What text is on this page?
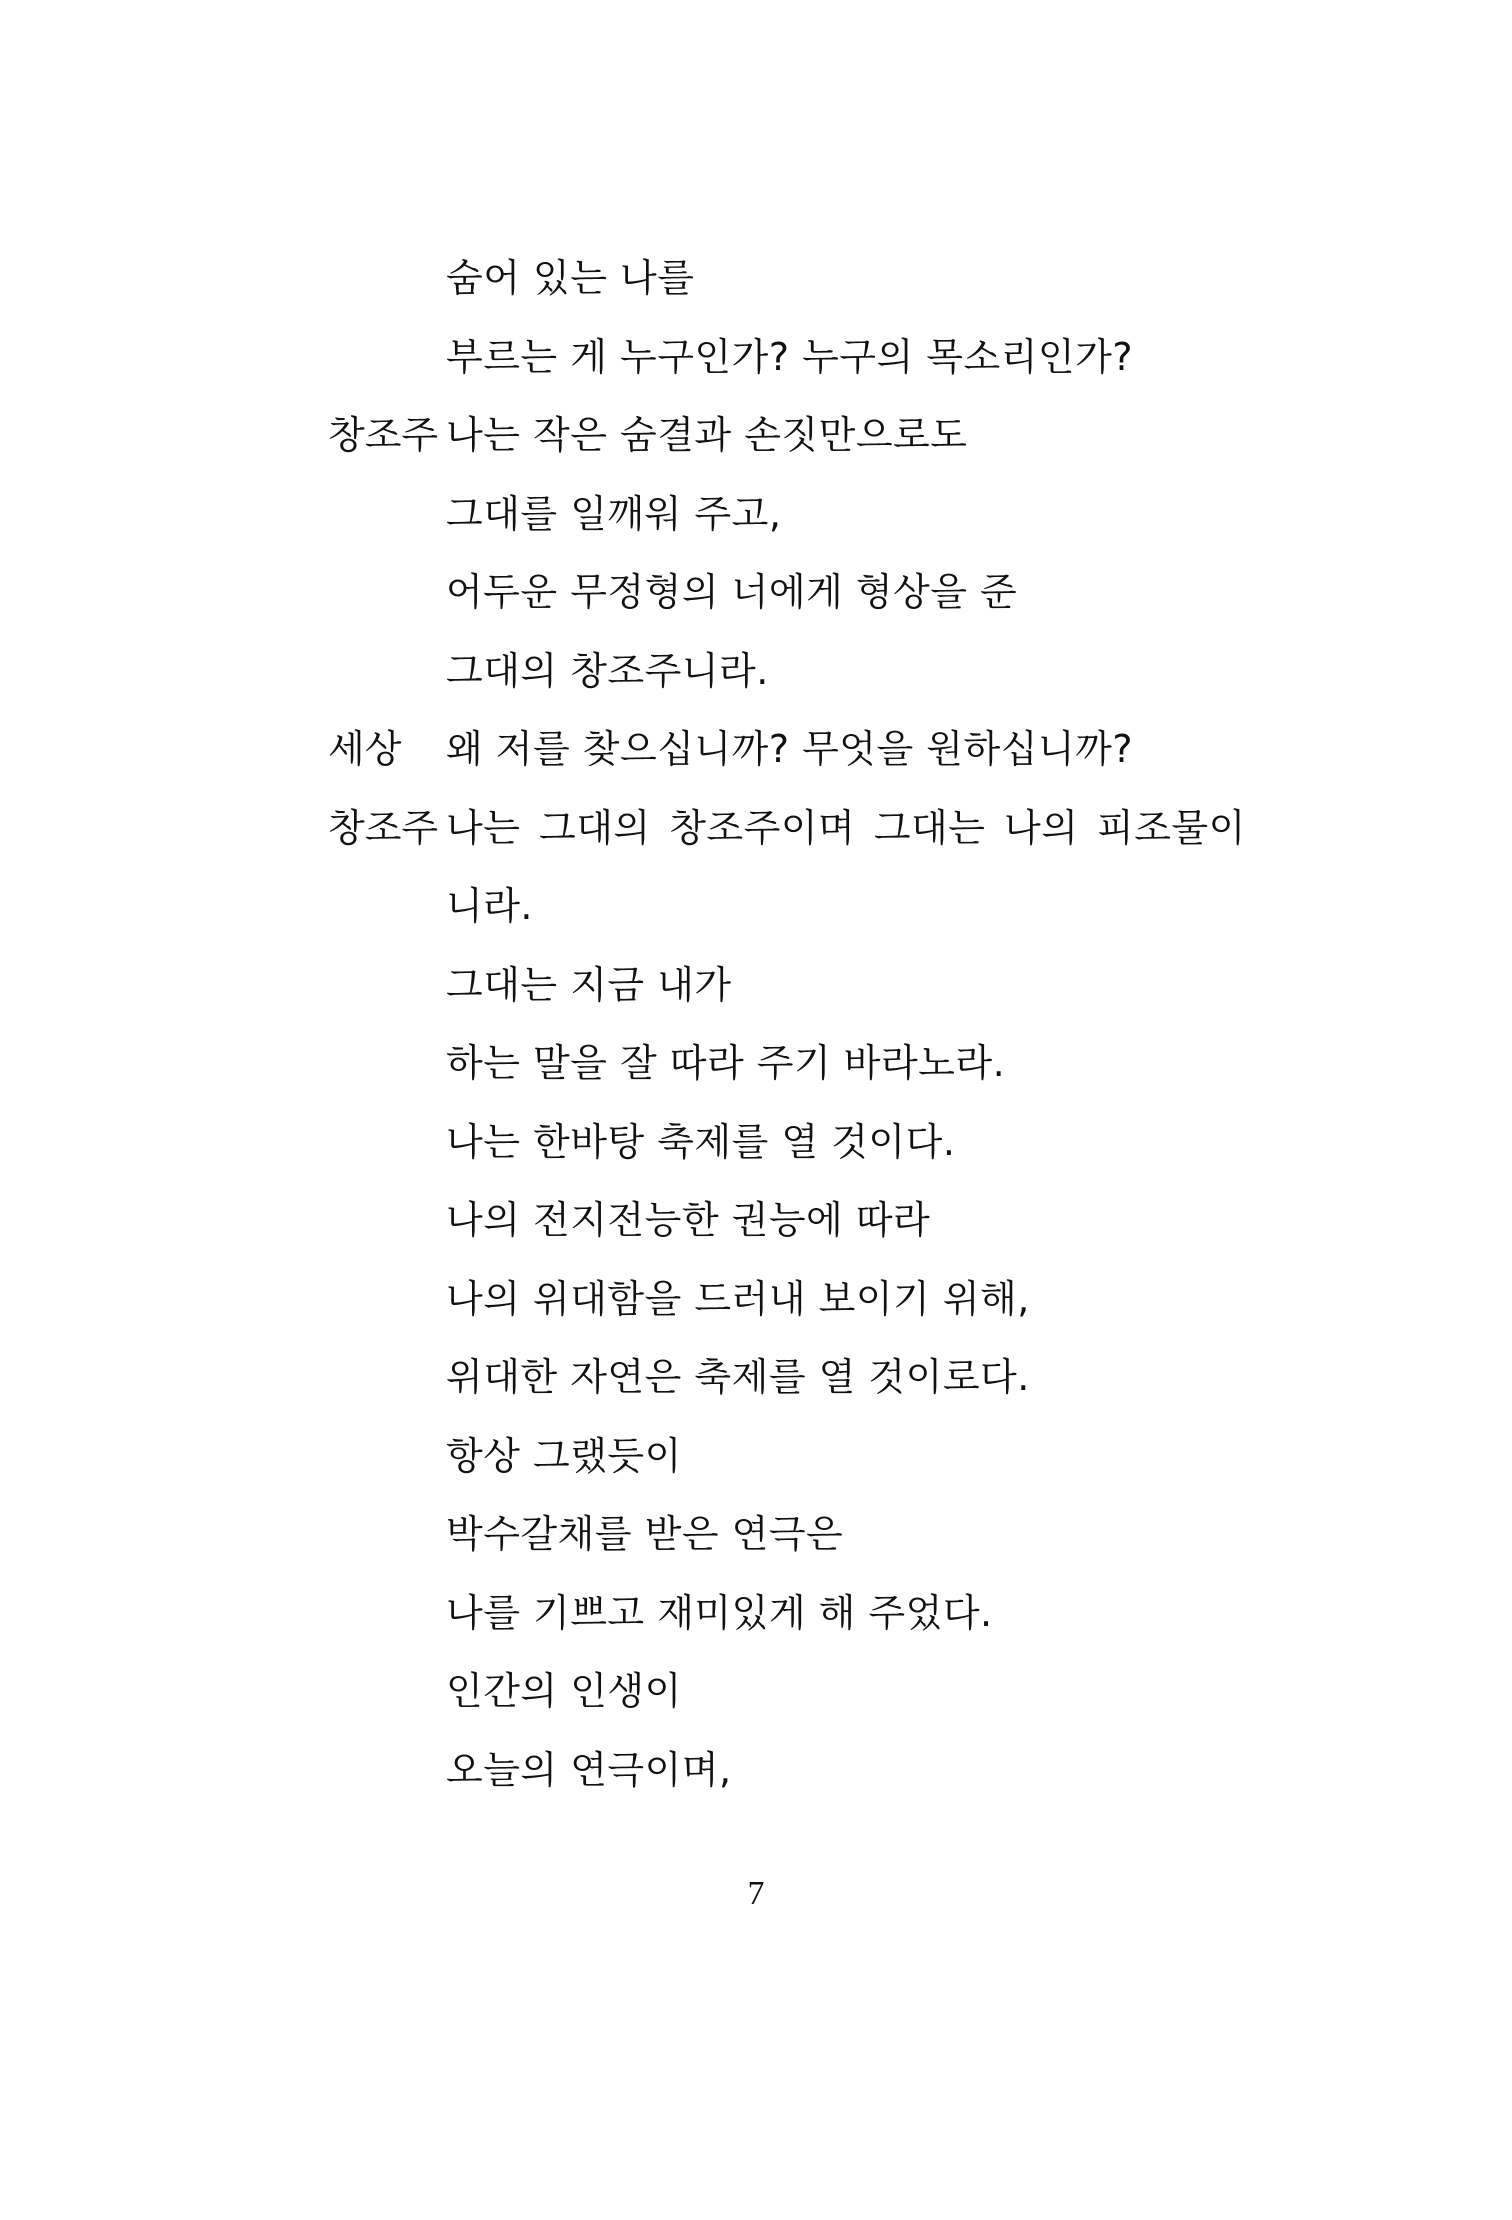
숨어 있는 나를
부르는 게 누구인가? 누구의 목소리인가?
창조주 나는 작은 숨결과 손짓만으로도
그대를 일깨워 주고,
어두운 무정형의 너에게 형상을 준
그대의 창조주니라.
세상	왜 저를 찾으십니까? 무엇을 원하십니까?
창조주 나는 그대의 창조주이며 그대는 나의 피조물이
니라.
그대는 지금 내가
하는 말을 잘 따라 주기 바라노라.
나는 한바탕 축제를 열 것이다.
나의 전지전능한 권능에 따라
나의 위대함을 드러내 보이기 위해,
위대한 자연은 축제를 열 것이로다.
항상 그랬듯이
박수갈채를 받은 연극은
나를 기쁘고 재미있게 해 주었다.
인간의 인생이
오늘의 연극이며,
7
